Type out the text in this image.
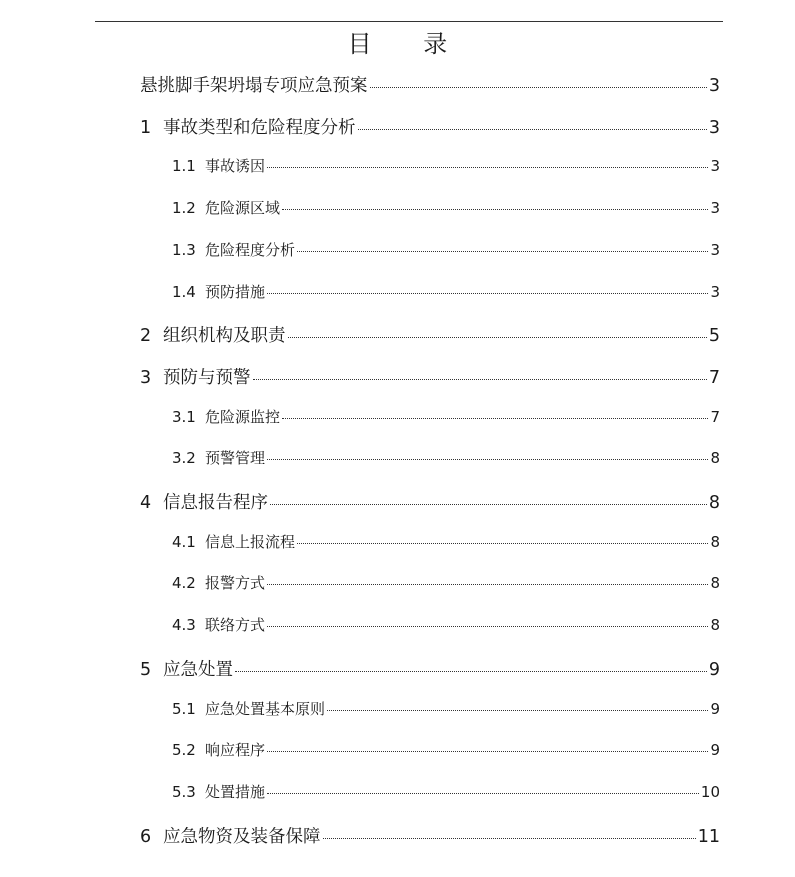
目 录
悬挑脚手架坍塌专项应急预案	3
1 事故类型和危险程度分析	3
1.1 事故诱因	3
1.2 危险源区域	3
1.3 危险程度分析	3
1.4 预防措施	3
2 组织机构及职责	5
3 预防与预警	7
3.1 危险源监控	7
3.2 预警管理	8
4 信息报告程序	8
4.1 信息上报流程	8
4.2 报警方式	8
4.3 联络方式	8
5 应急处置	9
5.1 应急处置基本原则	9
5.2 响应程序	9
5.3 处置措施	10
6 应急物资及装备保障	11
